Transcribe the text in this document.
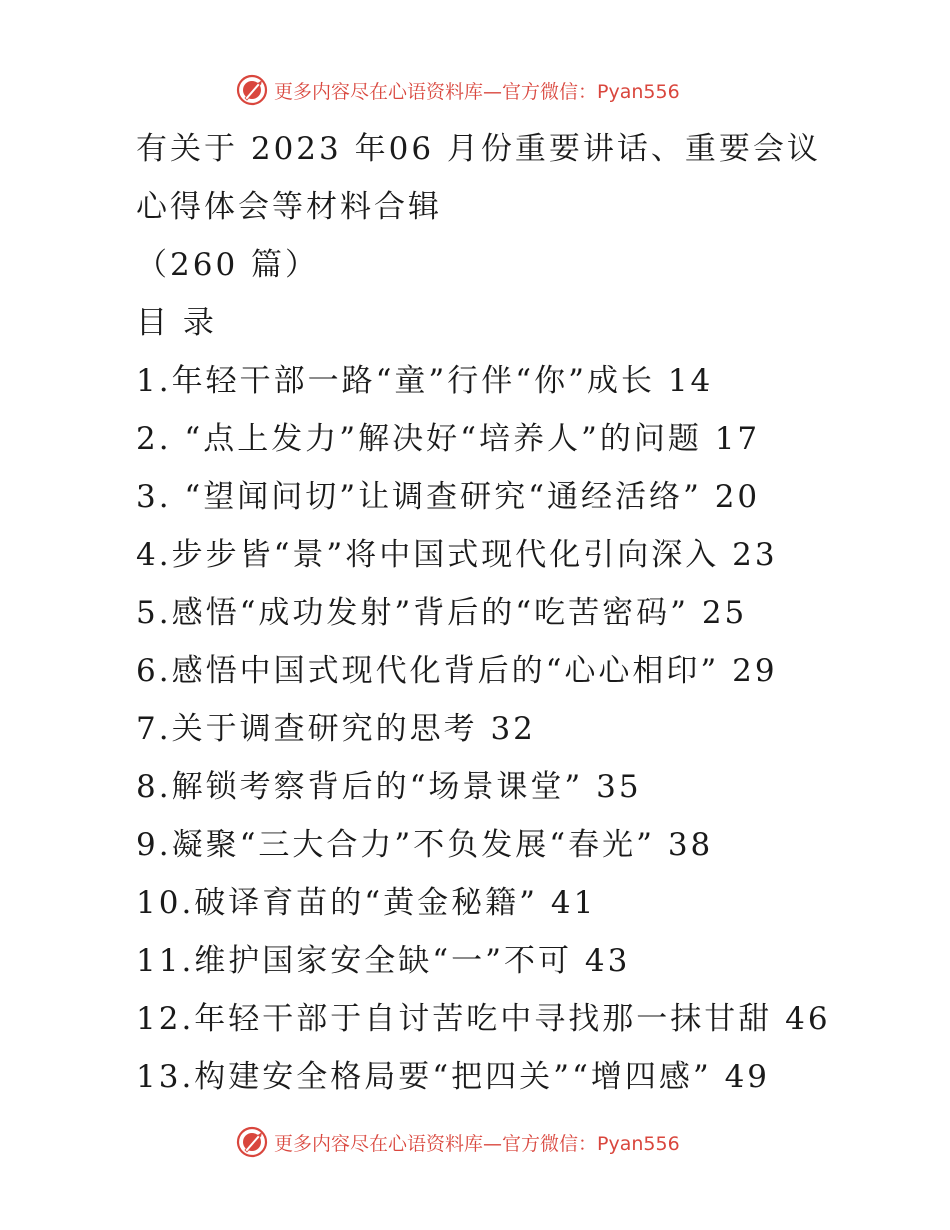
更多内容尽在心语资料库—官方微信：Pyan556
有关于 2023 年06 月份重要讲话、重要会议
心得体会等材料合辑
（260 篇）
目 录
1.年轻干部一路“童”行伴“你”成长 14
2. “点上发力”解决好“培养人”的问题 17
3. “望闻问切”让调查研究“通经活络” 20
4.步步皆“景”将中国式现代化引向深入 23
5.感悟“成功发射”背后的“吃苦密码” 25
6.感悟中国式现代化背后的“心心相印” 29
7.关于调查研究的思考 32
8.解锁考察背后的“场景课堂” 35
9.凝聚“三大合力”不负发展“春光” 38
10.破译育苗的“黄金秘籍” 41
11.维护国家安全缺“一”不可 43
12.年轻干部于自讨苦吃中寻找那一抹甘甜 46
13.构建安全格局要“把四关”“增四感” 49
更多内容尽在心语资料库—官方微信：Pyan556
